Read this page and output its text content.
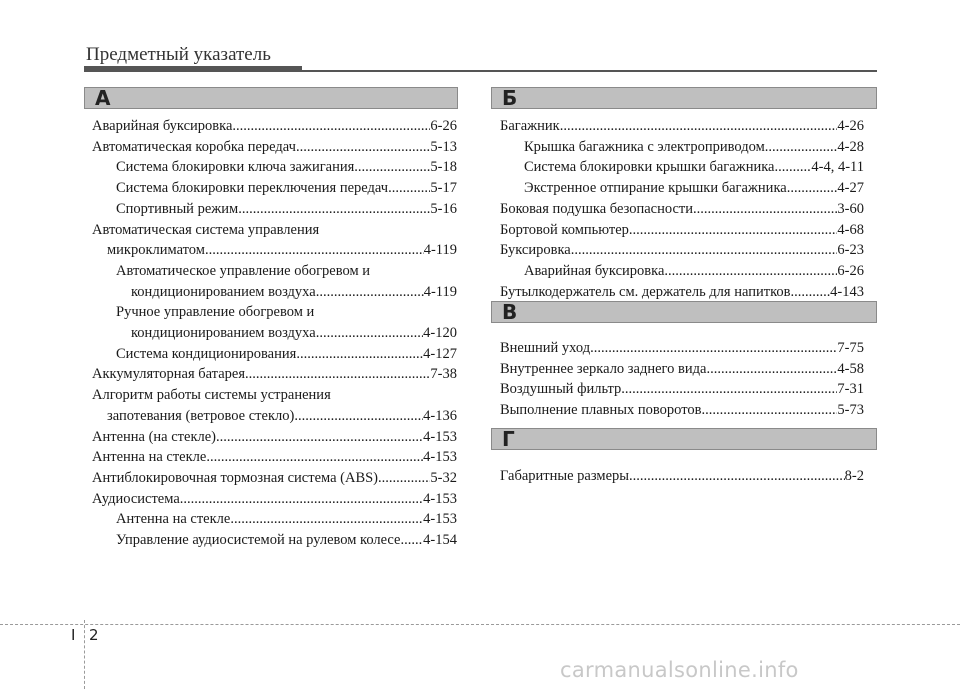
Предметный указатель
А	Б
В
Г
Аварийная буксировка .....	6-26
Автоматическая коробка передач .....	5-13
Система блокировки ключа зажигания .....	5-18
Система блокировки переключения передач .....	5-17
Спортивный режим .....	5-16
Автоматическая система управления
микроклиматом .....	4-119
Автоматическое управление обогревом и
кондиционированием воздуха .....	4-119
Ручное управление обогревом и
кондиционированием воздуха .....	4-120
Система кондиционирования .....	4-127
Аккумуляторная батарея .....	7-38
Алгоритм работы системы устранения
запотевания (ветровое стекло) .....	4-136
Антенна (на стекле) .....	4-153
Антенна на стекле .....	4-153
Антиблокировочная тормозная система (ABS) .....	5-32
Аудиосистема .....	4-153
Антенна на стекле .....	4-153
Управление аудиосистемой на рулевом колесе ..... 4-154
Багажник .....	4-26
Крышка багажника с электроприводом .....	4-28
Система блокировки крышки багажника .....	4-4, 4-11
Экстренное отпирание крышки багажника .....	4-27
Боковая подушка безопасности .....	3-60
Бортовой компьютер .....	4-68
Буксировка .....	6-23
Аварийная буксировка .....	6-26
Бутылкодержатель см. держатель для напитков .....	4-143
Внешний уход .....	7-75
Внутреннее зеркало заднего вида .....	4-58
Воздушный фильтр .....	7-31
Выполнение плавных поворотов .....	5-73
Габаритные размеры .....	8-2
I 2
carmanualsonline.info
